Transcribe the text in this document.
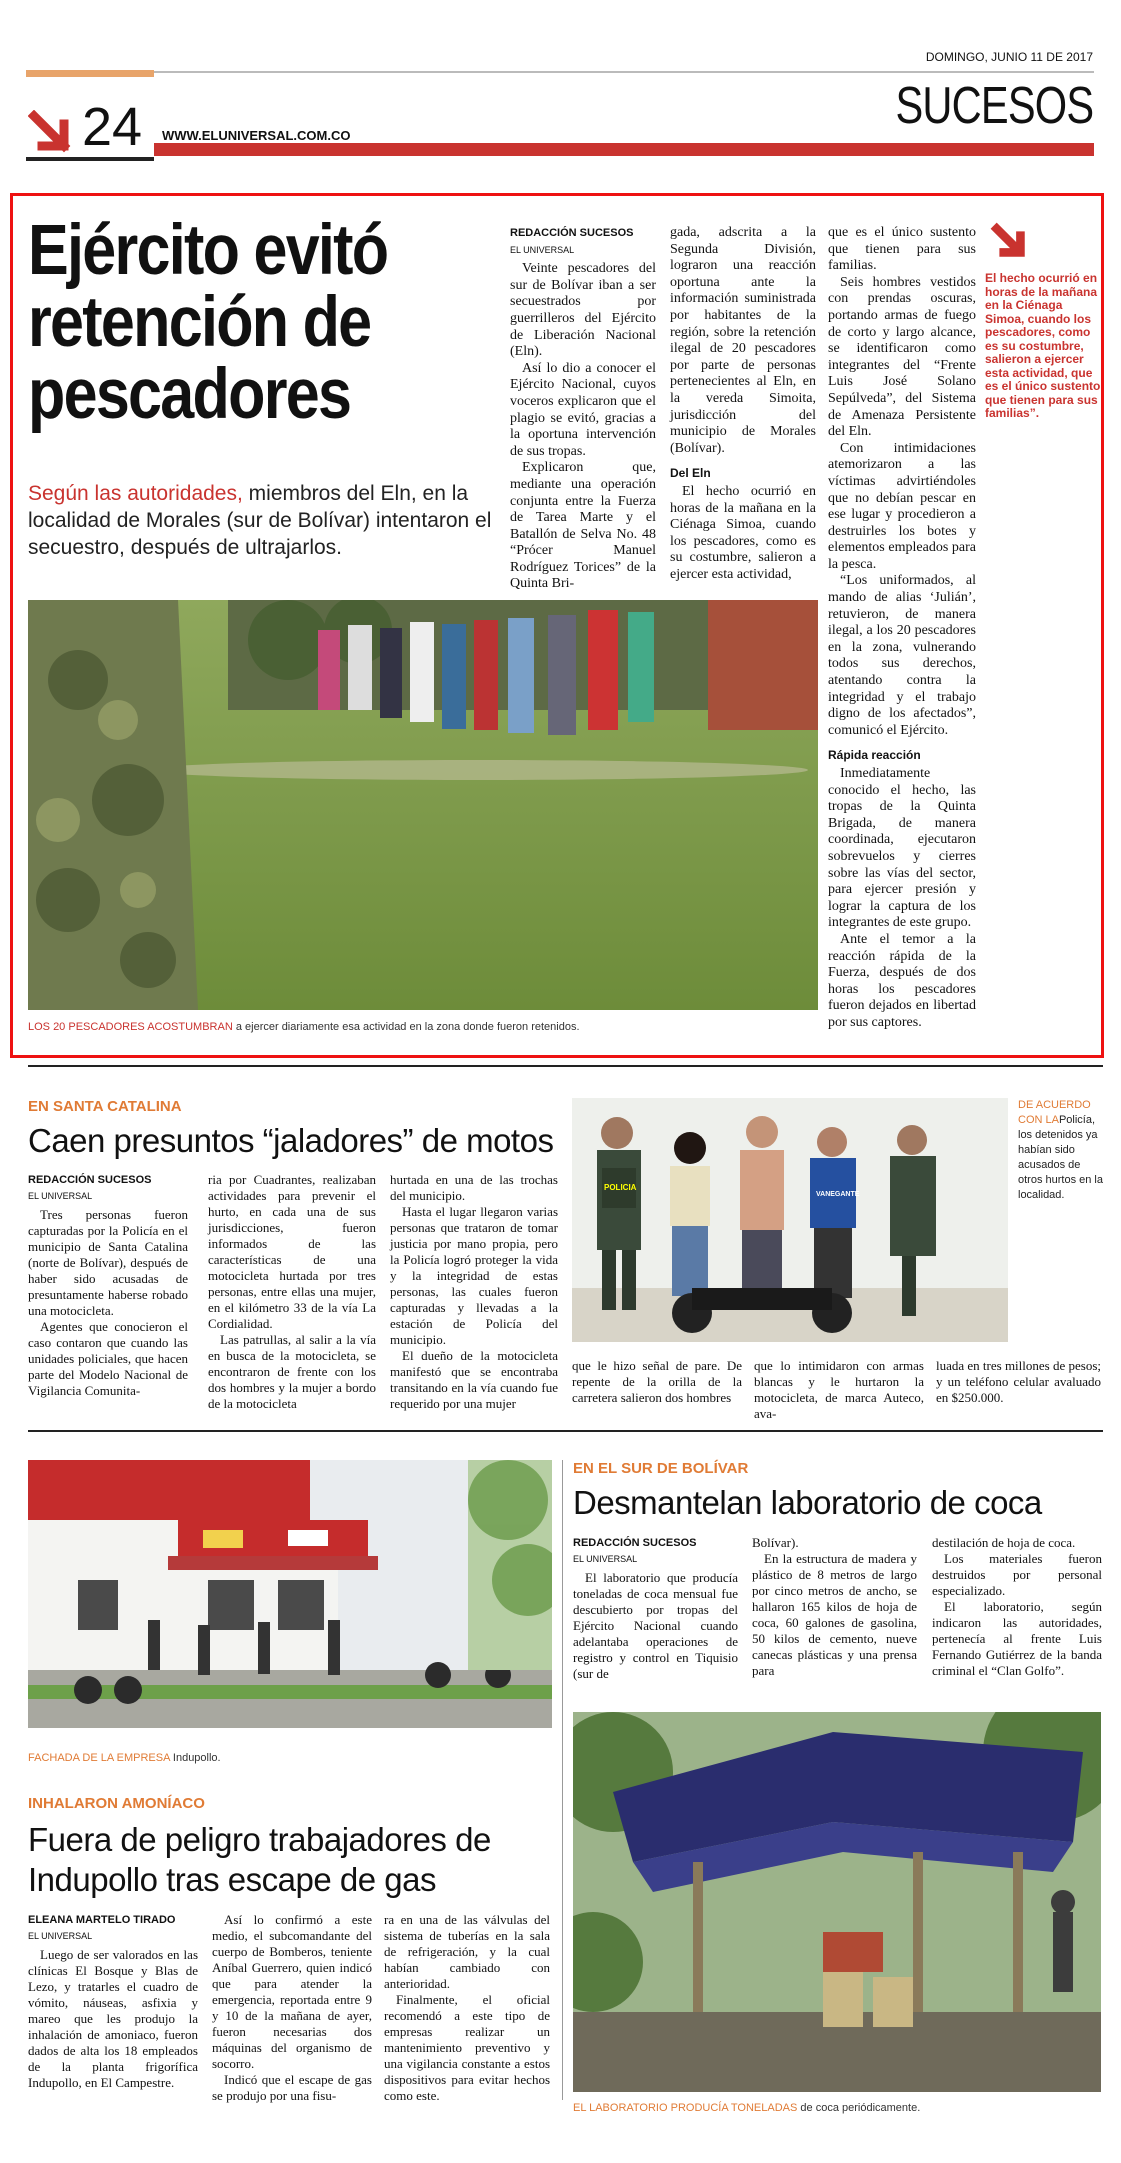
DOMINGO, JUNIO 11 DE 2017
SUCESOS
24 WWW.ELUNIVERSAL.COM.CO
Ejército evitó retención de pescadores
Según las autoridades, miembros del Eln, en la localidad de Morales (sur de Bolívar) intentaron el secuestro, después de ultrajarlos.
LOS 20 PESCADORES ACOSTUMBRAN a ejercer diariamente esa actividad en la zona donde fueron retenidos.
REDACCIÓN SUCESOS
EL UNIVERSAL

Veinte pescadores del sur de Bolívar iban a ser secuestrados por guerrilleros del Ejército de Liberación Nacional (Eln).

Así lo dio a conocer el Ejército Nacional, cuyos voceros explicaron que el plagio se evitó, gracias a la oportuna intervención de sus tropas.

Explicaron que, mediante una operación conjunta entre la Fuerza de Tarea Marte y el Batallón de Selva No. 48 “Prócer Manuel Rodríguez Torices” de la Quinta Bri-

gada, adscrita a la Segunda División, lograron una reacción oportuna ante la información suministrada por habitantes de la región, sobre la retención ilegal de 20 pescadores por parte de personas pertenecientes al Eln, en la vereda Simoita, jurisdicción del municipio de Morales (Bolívar).

Del Eln

El hecho ocurrió en horas de la mañana en la Ciénaga Simoa, cuando los pescadores, como es su costumbre, salieron a ejercer esta actividad,

que es el único sustento que tienen para sus familias.

Seis hombres vestidos con prendas oscuras, portando armas de fuego de corto y largo alcance, se identificaron como integrantes del “Frente Luis José Solano Sepúlveda”, del Sistema de Amenaza Persistente del Eln.

Con intimidaciones atemorizaron a las víctimas advirtiéndoles que no debían pescar en ese lugar y procedieron a destruirles los botes y elementos empleados para la pesca.

“Los uniformados, al mando de alias ‘Julián’, retuvieron, de manera ilegal, a los 20 pescadores en la zona, vulnerando todos sus derechos, atentando contra la integridad y el trabajo digno de los afectados”, comunicó el Ejército.

Rápida reacción

Inmediatamente conocido el hecho, las tropas de la Quinta Brigada, de manera coordinada, ejecutaron sobrevuelos y cierres sobre las vías del sector, para ejercer presión y lograr la captura de los integrantes de este grupo.

Ante el temor a la reacción rápida de la Fuerza, después de dos horas los pescadores fueron dejados en libertad por sus captores.

El hecho ocurrió en horas de la mañana en la Ciénaga Simoa, cuando los pescadores, como es su costumbre, salieron a ejercer esta actividad, que es el único sustento que tienen para sus familias”.
EN SANTA CATALINA
Caen presuntos “jaladores” de motos
REDACCIÓN SUCESOS
EL UNIVERSAL

Tres personas fueron capturadas por la Policía en el municipio de Santa Catalina (norte de Bolívar), después de haber sido acusadas de presuntamente haberse robado una motocicleta.

Agentes que conocieron el caso contaron que cuando las unidades policiales, que hacen parte del Modelo Nacional de Vigilancia Comunita-

ria por Cuadrantes, realizaban actividades para prevenir el hurto, en cada una de sus jurisdicciones, fueron informados de las características de una motocicleta hurtada por tres personas, entre ellas una mujer, en el kilómetro 33 de la vía La Cordialidad.

Las patrullas, al salir a la vía en busca de la motocicleta, se encontraron de frente con los dos hombres y la mujer a bordo de la motocicleta

hurtada en una de las trochas del municipio.

Hasta el lugar llegaron varias personas que trataron de tomar justicia por mano propia, pero la Policía logró proteger la vida y la integridad de estas personas, las cuales fueron capturadas y llevadas a la estación de Policía del municipio.

El dueño de la motocicleta manifestó que se encontraba transitando en la vía cuando fue requerido por una mujer

que le hizo señal de pare. De repente de la orilla de la carretera salieron dos hombres
que lo intimidaron con armas blancas y le hurtaron la motocicleta, de marca Auteco, ava-
luada en tres millones de pesos; y un teléfono celular avaluado en $250.000.
POLICIA
VANEGANTE
DE ACUERDO CON LAPolicía, los detenidos ya habían sido acusados de otros hurtos en la localidad.
FACHADA DE LA EMPRESA Indupollo.
INHALARON AMONÍACO
Fuera de peligro trabajadores de Indupollo tras escape de gas
ELEANA MARTELO TIRADO
EL UNIVERSAL

Luego de ser valorados en las clínicas El Bosque y Blas de Lezo, y tratarles el cuadro de vómito, náuseas, asfixia y mareo que les produjo la inhalación de amoniaco, fueron dados de alta los 18 empleados de la planta frigorífica Indupollo, en El Campestre.

Así lo confirmó a este medio, el subcomandante del cuerpo de Bomberos, teniente Aníbal Guerrero, quien indicó que para atender la emergencia, reportada entre 9 y 10 de la mañana de ayer, fueron necesarias dos máquinas del organismo de socorro.

Indicó que el escape de gas se produjo por una fisu-

ra en una de las válvulas del sistema de tuberías en la sala de refrigeración, y la cual habían cambiado con anterioridad.

Finalmente, el oficial recomendó a este tipo de empresas realizar un mantenimiento preventivo y una vigilancia constante a estos dispositivos para evitar hechos como este.

EN EL SUR DE BOLÍVAR
Desmantelan laboratorio de coca
REDACCIÓN SUCESOS
EL UNIVERSAL

El laboratorio que producía toneladas de coca mensual fue descubierto por tropas del Ejército Nacional cuando adelantaba operaciones de registro y control en Tiquisio (sur de

Bolívar).

En la estructura de madera y plástico de 8 metros de largo por cinco metros de ancho, se hallaron 165 kilos de hoja de coca, 60 galones de gasolina, 50 kilos de cemento, nueve canecas plásticas y una prensa para

destilación de hoja de coca.

Los materiales fueron destruidos por personal especializado.

El laboratorio, según indicaron las autoridades, pertenecía al frente Luis Fernando Gutiérrez de la banda criminal el “Clan Golfo”.

EL LABORATORIO PRODUCÍA TONELADAS de coca periódicamente.
